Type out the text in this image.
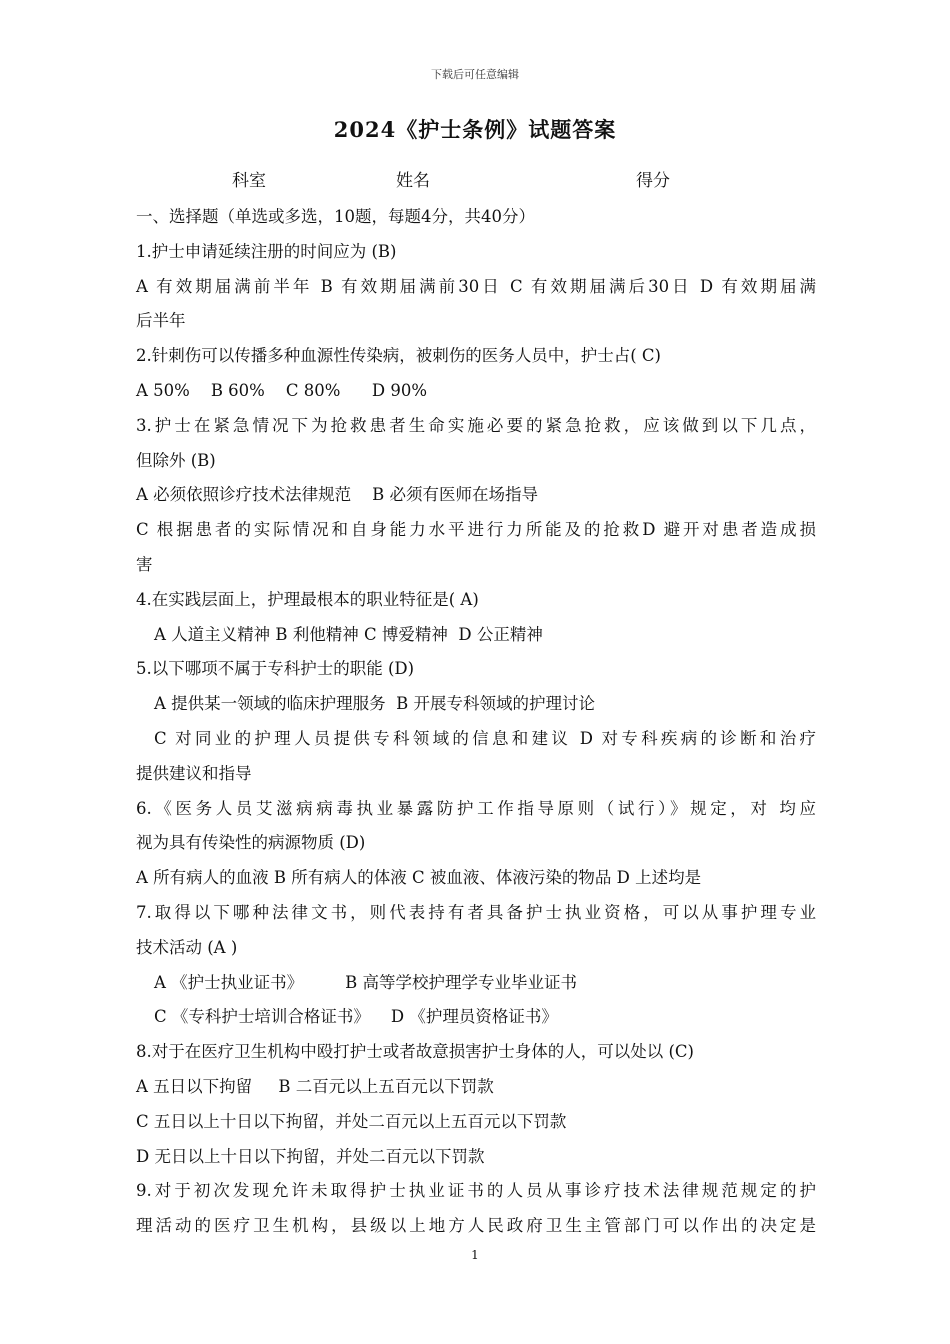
下载后可任意编辑
2024《护士条例》试题答案
科室	姓名	得分
一、选择题（单选或多选，10题，每题4分，共40分）
1.护士申请延续注册的时间应为 (B)
A 有效期届满前半年 B 有效期届满前30日 C 有效期届满后30日 D 有效期届满
后半年
2.针刺伤可以传播多种血源性传染病，被刺伤的医务人员中，护士占( C)
A 50%    B 60%    C 80%      D 90%
3.护士在紧急情况下为抢救患者生命实施必要的紧急抢救，应该做到以下几点，
但除外 (B)
A 必须依照诊疗技术法律规范    B 必须有医师在场指导
C 根据患者的实际情况和自身能力水平进行力所能及的抢救D 避开对患者造成损
害
4.在实践层面上，护理最根本的职业特征是( A)
A 人道主义精神 B 利他精神 C 博爱精神  D 公正精神
5.以下哪项不属于专科护士的职能 (D)
A 提供某一领域的临床护理服务  B 开展专科领域的护理讨论
C 对同业的护理人员提供专科领域的信息和建议 D 对专科疾病的诊断和治疗
提供建议和指导
6.《医务人员艾滋病病毒执业暴露防护工作指导原则（试行）》规定，对 均应
视为具有传染性的病源物质 (D)
A 所有病人的血液 B 所有病人的体液 C 被血液、体液污染的物品 D 上述均是
7.取得以下哪种法律文书，则代表持有者具备护士执业资格，可以从事护理专业
技术活动 (A )
A 《护士执业证书》        B 高等学校护理学专业毕业证书
C 《专科护士培训合格证书》    D 《护理员资格证书》
8.对于在医疗卫生机构中殴打护士或者故意损害护士身体的人，可以处以 (C)
A 五日以下拘留     B 二百元以上五百元以下罚款
C 五日以上十日以下拘留，并处二百元以上五百元以下罚款
D 无日以上十日以下拘留，并处二百元以下罚款
9.对于初次发现允许未取得护士执业证书的人员从事诊疗技术法律规范规定的护
理活动的医疗卫生机构，县级以上地方人民政府卫生主管部门可以作出的决定是
1
